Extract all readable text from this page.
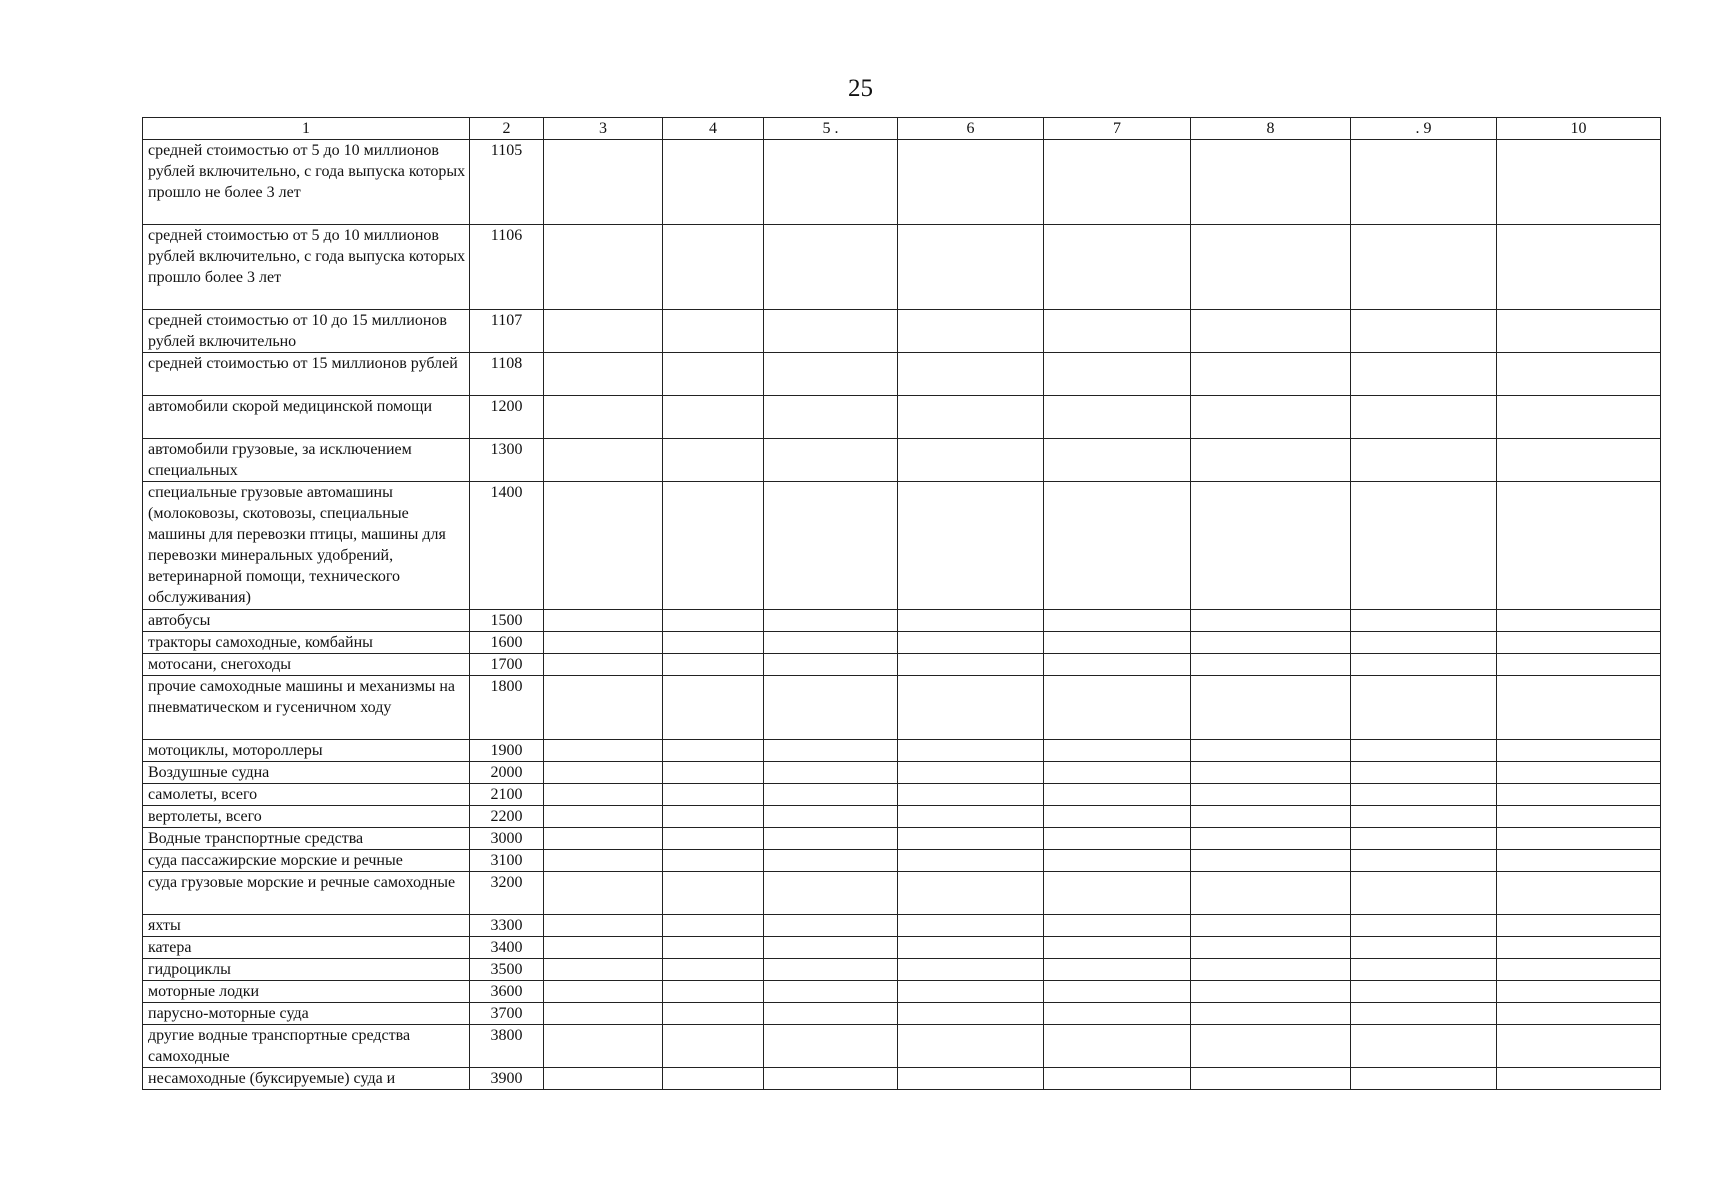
25
1	2	3	4	5 .	6	7	8	. 9	10
средней стоимостью от 5 до 10 миллионов рублей включительно, с года выпуска которых прошло не более 3 лет	1105								
средней стоимостью от 5 до 10 миллионов рублей включительно, с года выпуска которых прошло более 3 лет	1106								
средней стоимостью от 10 до 15 миллионов рублей включительно	1107								
средней стоимостью от 15 миллионов рублей	1108								
автомобили скорой медицинской помощи	1200								
автомобили грузовые, за исключением специальных	1300								
специальные грузовые автомашины (молоковозы, скотовозы, специальные машины для перевозки птицы, машины для перевозки минеральных удобрений, ветеринарной помощи, технического обслуживания)	1400								
автобусы	1500								
тракторы самоходные, комбайны	1600								
мотосани, снегоходы	1700								
прочие самоходные машины и механизмы на пневматическом и гусеничном ходу	1800								
мотоциклы, мотороллеры	1900								
Воздушные судна	2000								
самолеты, всего	2100								
вертолеты, всего	2200								
Водные транспортные средства	3000								
суда пассажирские морские и речные	3100								
суда грузовые морские и речные самоходные	3200								
яхты	3300								
катера	3400								
гидроциклы	3500								
моторные лодки	3600								
парусно-моторные суда	3700								
другие водные транспортные средства самоходные	3800								
несамоходные (буксируемые) суда и	3900								
